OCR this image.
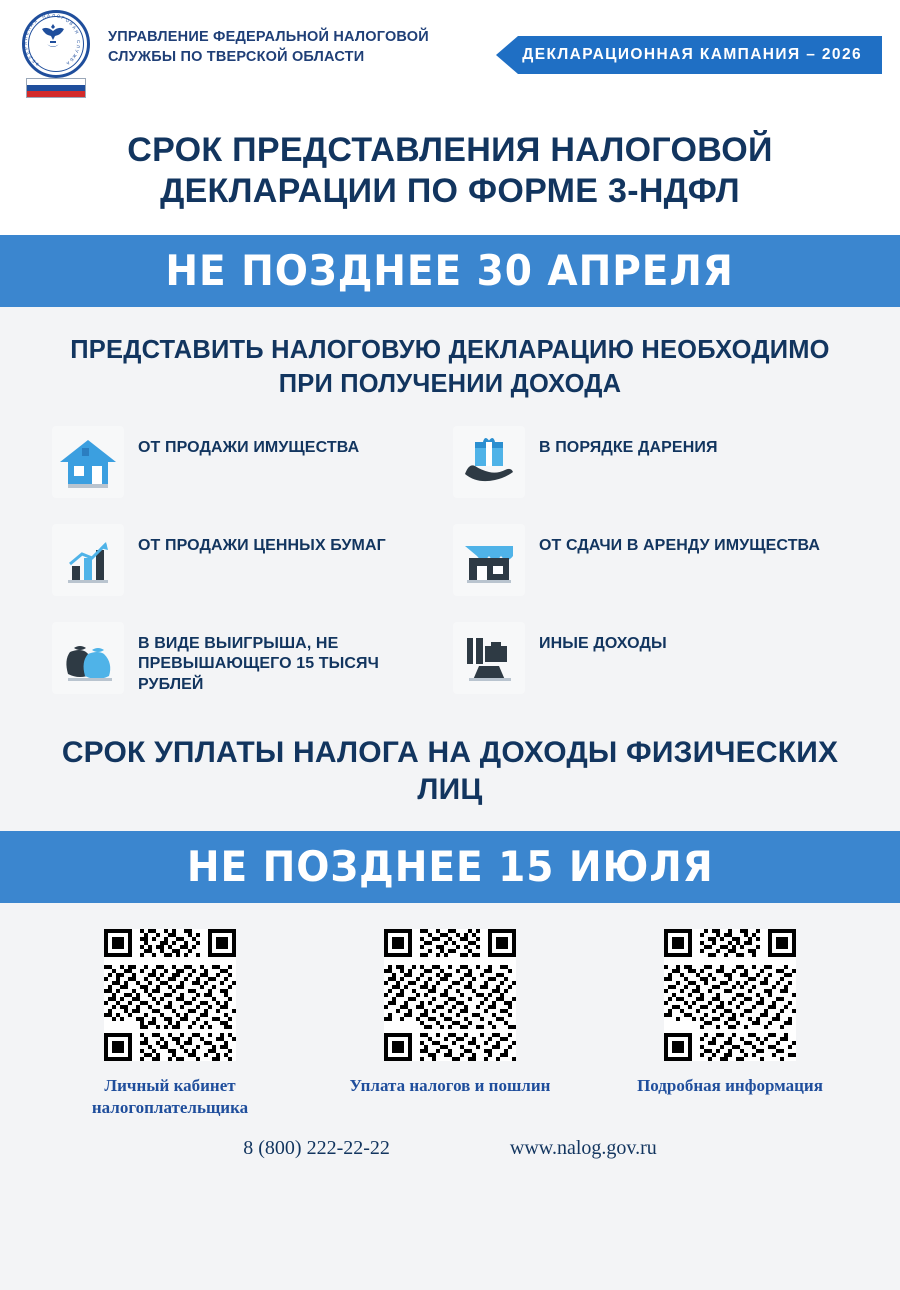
Ф
Е
Д
Е
Р
А
Л
Ь
Н
А
Я
Н А Л О Г О
В
А
Я
С
Л
У
Ж
Б
А
УПРАВЛЕНИЕ ФЕДЕРАЛЬНОЙ НАЛОГОВОЙ СЛУЖБЫ ПО ТВЕРСКОЙ ОБЛАСТИ	ДЕКЛАРАЦИОННАЯ КАМПАНИЯ – 2026
СРОК ПРЕДСТАВЛЕНИЯ НАЛОГОВОЙ ДЕКЛАРАЦИИ ПО ФОРМЕ 3-НДФЛ
НЕ ПОЗДНЕЕ 30 АПРЕЛЯ
ПРЕДСТАВИТЬ НАЛОГОВУЮ ДЕКЛАРАЦИЮ НЕОБХОДИМО ПРИ ПОЛУЧЕНИИ ДОХОДА
ОТ ПРОДАЖИ ИМУЩЕСТВА	В ПОРЯДКЕ ДАРЕНИЯ
ОТ ПРОДАЖИ ЦЕННЫХ БУМАГ	ОТ СДАЧИ В АРЕНДУ ИМУЩЕСТВА
В ВИДЕ ВЫИГРЫША, НЕ ПРЕВЫШАЮЩЕГО 15 ТЫСЯЧ РУБЛЕЙ
ИНЫЕ ДОХОДЫ
СРОК УПЛАТЫ НАЛОГА НА ДОХОДЫ ФИЗИЧЕСКИХ ЛИЦ
НЕ ПОЗДНЕЕ 15 ИЮЛЯ
Личный кабинет налогоплательщика
Уплата налогов и пошлин	Подробная информация
8 (800) 222-22-22	www.nalog.gov.ru
